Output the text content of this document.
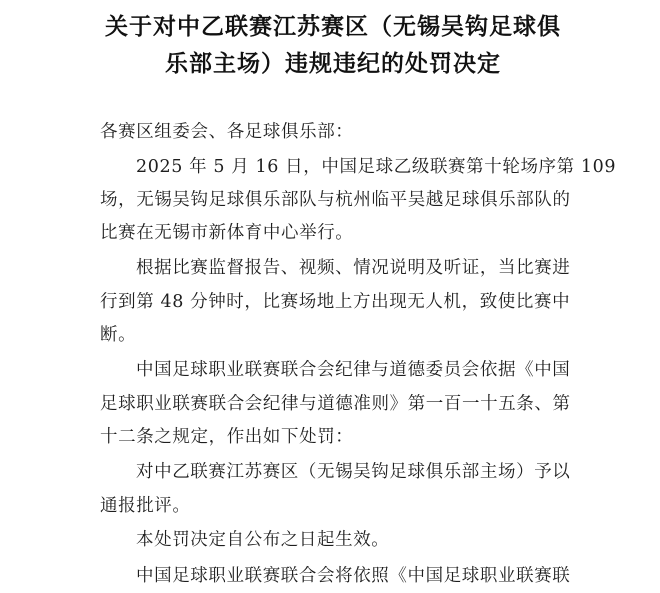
关于对中乙联赛江苏赛区（无锡吴钩足球俱
乐部主场）违规违纪的处罚决定
各赛区组委会、各足球俱乐部：
2025 年 5 月 16 日，中国足球乙级联赛第十轮场序第 109
场，无锡吴钩足球俱乐部队与杭州临平吴越足球俱乐部队的
比赛在无锡市新体育中心举行。
根据比赛监督报告、视频、情况说明及听证，当比赛进
行到第 48 分钟时，比赛场地上方出现无人机，致使比赛中
断。
中国足球职业联赛联合会纪律与道德委员会依据《中国
足球职业联赛联合会纪律与道德准则》第一百一十五条、第
十二条之规定，作出如下处罚：
对中乙联赛江苏赛区（无锡吴钩足球俱乐部主场）予以
通报批评。
本处罚决定自公布之日起生效。
中国足球职业联赛联合会将依照《中国足球职业联赛联
